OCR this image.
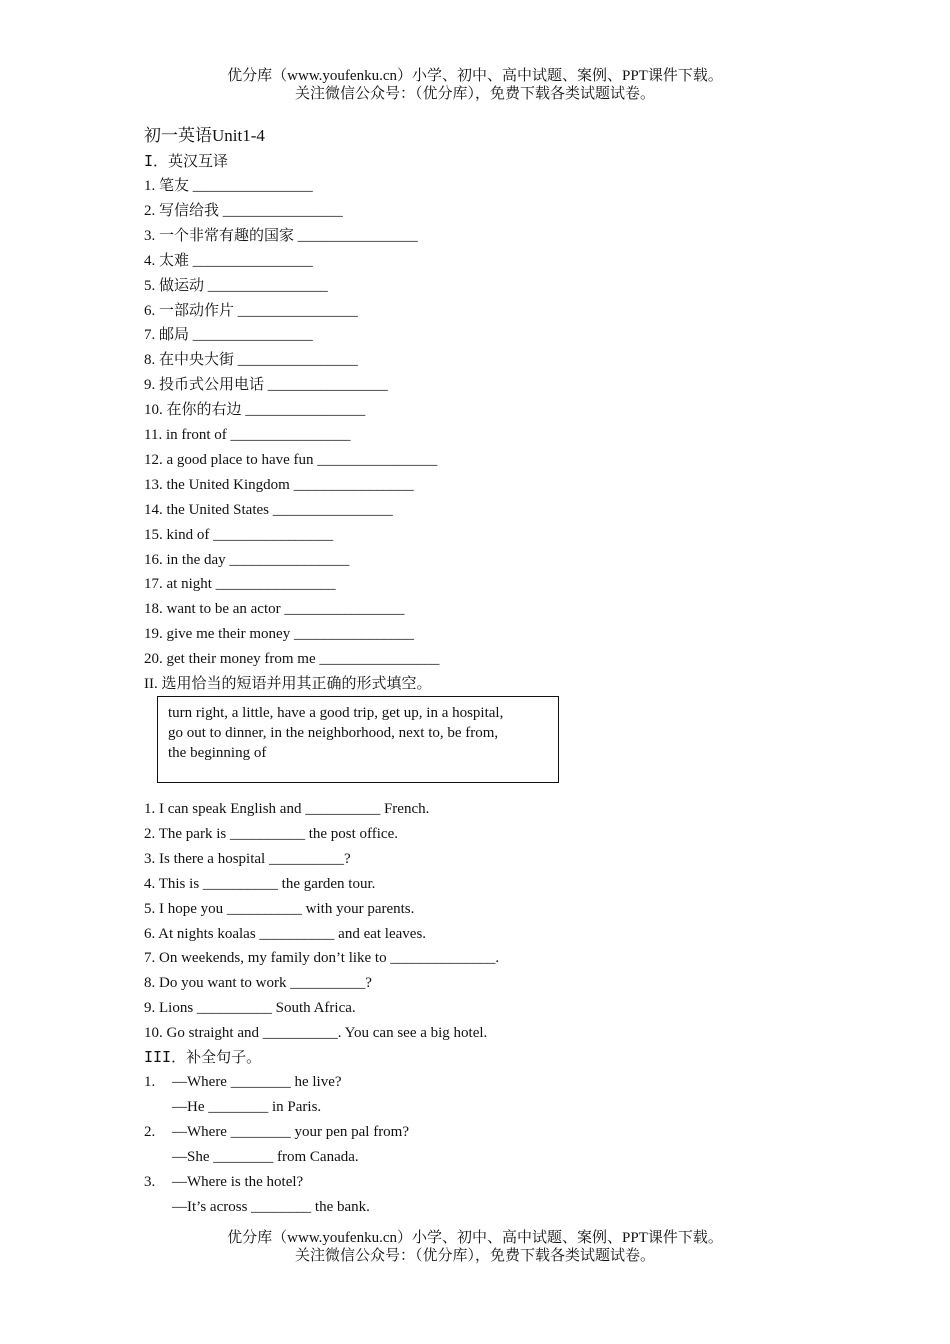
优分库（www.youfenku.cn）小学、初中、高中试题、案例、PPT课件下载。
关注微信公众号：（优分库），免费下载各类试题试卷。
初一英语Unit1-4
I．英汉互译
1. 笔友 ________________
2. 写信给我 ________________
3. 一个非常有趣的国家 ________________
4. 太难 ________________
5. 做运动 ________________
6. 一部动作片 ________________
7. 邮局 ________________
8. 在中央大街 ________________
9. 投币式公用电话 ________________
10. 在你的右边 ________________
11. in front of ________________
12. a good place to have fun ________________
13. the United Kingdom ________________
14. the United States ________________
15. kind of ________________
16. in the day ________________
17. at night ________________
18. want to be an actor ________________
19. give me their money ________________
20. get their money from me ________________
II. 选用恰当的短语并用其正确的形式填空。
turn right, a little, have a good trip, get up, in a hospital,
go out to dinner, in the neighborhood, next to, be from,
the beginning of
1. I can speak English and __________ French.
2. The park is __________ the post office.
3. Is there a hospital __________?
4. This is __________ the garden tour.
5. I hope you __________ with your parents.
6. At nights koalas __________ and eat leaves.
7. On weekends, my family don’t like to ______________.
8. Do you want to work __________?
9. Lions __________ South Africa.
10. Go straight and __________. You can see a big hotel.
III．补全句子。
1. —Where ________ he live?
—He ________ in Paris.
2. —Where ________ your pen pal from?
—She ________ from Canada.
3. —Where is the hotel?
—It’s across ________ the bank.
优分库（www.youfenku.cn）小学、初中、高中试题、案例、PPT课件下载。
关注微信公众号：（优分库），免费下载各类试题试卷。
